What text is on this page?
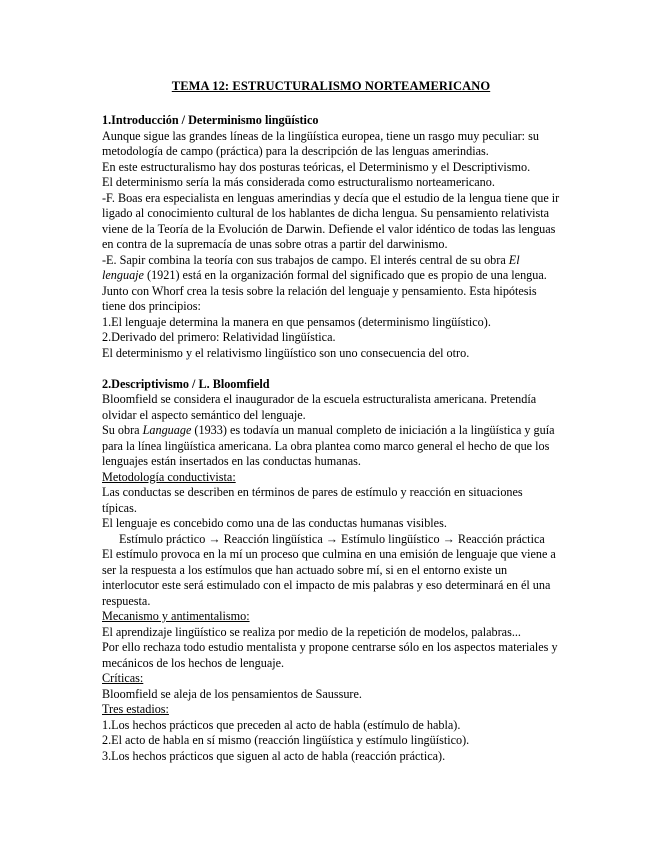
TEMA 12: ESTRUCTURALISMO NORTEAMERICANO
1.Introducción / Determinismo lingüístico

Aunque sigue las grandes líneas de la lingüística europea, tiene un rasgo muy peculiar: su metodología de campo (práctica) para la descripción de las lenguas amerindias.

En este estructuralismo hay dos posturas teóricas, el Determinismo y el Descriptivismo.

El determinismo sería la más considerada como estructuralismo norteamericano.

-F. Boas era especialista en lenguas amerindias y decía que el estudio de la lengua tiene que ir ligado al conocimiento cultural de los hablantes de dicha lengua. Su pensamiento relativista viene de la Teoría de la Evolución de Darwin. Defiende el valor idéntico de todas las lenguas en contra de la supremacía de unas sobre otras a partir del darwinismo.

-E. Sapir combina la teoría con sus trabajos de campo. El interés central de su obra El lenguaje (1921) está en la organización formal del significado que es propio de una lengua. Junto con Whorf crea la tesis sobre la relación del lenguaje y pensamiento. Esta hipótesis tiene dos principios:

1.El lenguaje determina la manera en que pensamos (determinismo lingüístico).

2.Derivado del primero: Relatividad lingüística.

El determinismo y el relativismo lingüístico son uno consecuencia del otro.

2.Descriptivismo / L. Bloomfield

Bloomfield se considera el inaugurador de la escuela estructuralista americana. Pretendía olvidar el aspecto semántico del lenguaje.

Su obra Language (1933) es todavía un manual completo de iniciación a la lingüística y guía para la línea lingüística americana. La obra plantea como marco general el hecho de que los lenguajes están insertados en las conductas humanas.

Metodología conductivista:

Las conductas se describen en términos de pares de estímulo y reacción en situaciones típicas.

El lenguaje es concebido como una de las conductas humanas visibles.

Estímulo práctico → Reacción lingüística → Estímulo lingüístico → Reacción práctica

El estímulo provoca en la mí un proceso que culmina en una emisión de lenguaje que viene a ser la respuesta a los estímulos que han actuado sobre mí, si en el entorno existe un interlocutor este será estimulado con el impacto de mis palabras y eso determinará en él una respuesta.

Mecanismo y antimentalismo:

El aprendizaje lingüístico se realiza por medio de la repetición de modelos, palabras...

Por ello rechaza todo estudio mentalista y propone centrarse sólo en los aspectos materiales y mecánicos de los hechos de lenguaje.

Críticas:

Bloomfield se aleja de los pensamientos de Saussure.

Tres estadios:

1.Los hechos prácticos que preceden al acto de habla (estímulo de habla).

2.El acto de habla en sí mismo (reacción lingüística y estímulo lingüístico).

3.Los hechos prácticos que siguen al acto de habla (reacción práctica).
